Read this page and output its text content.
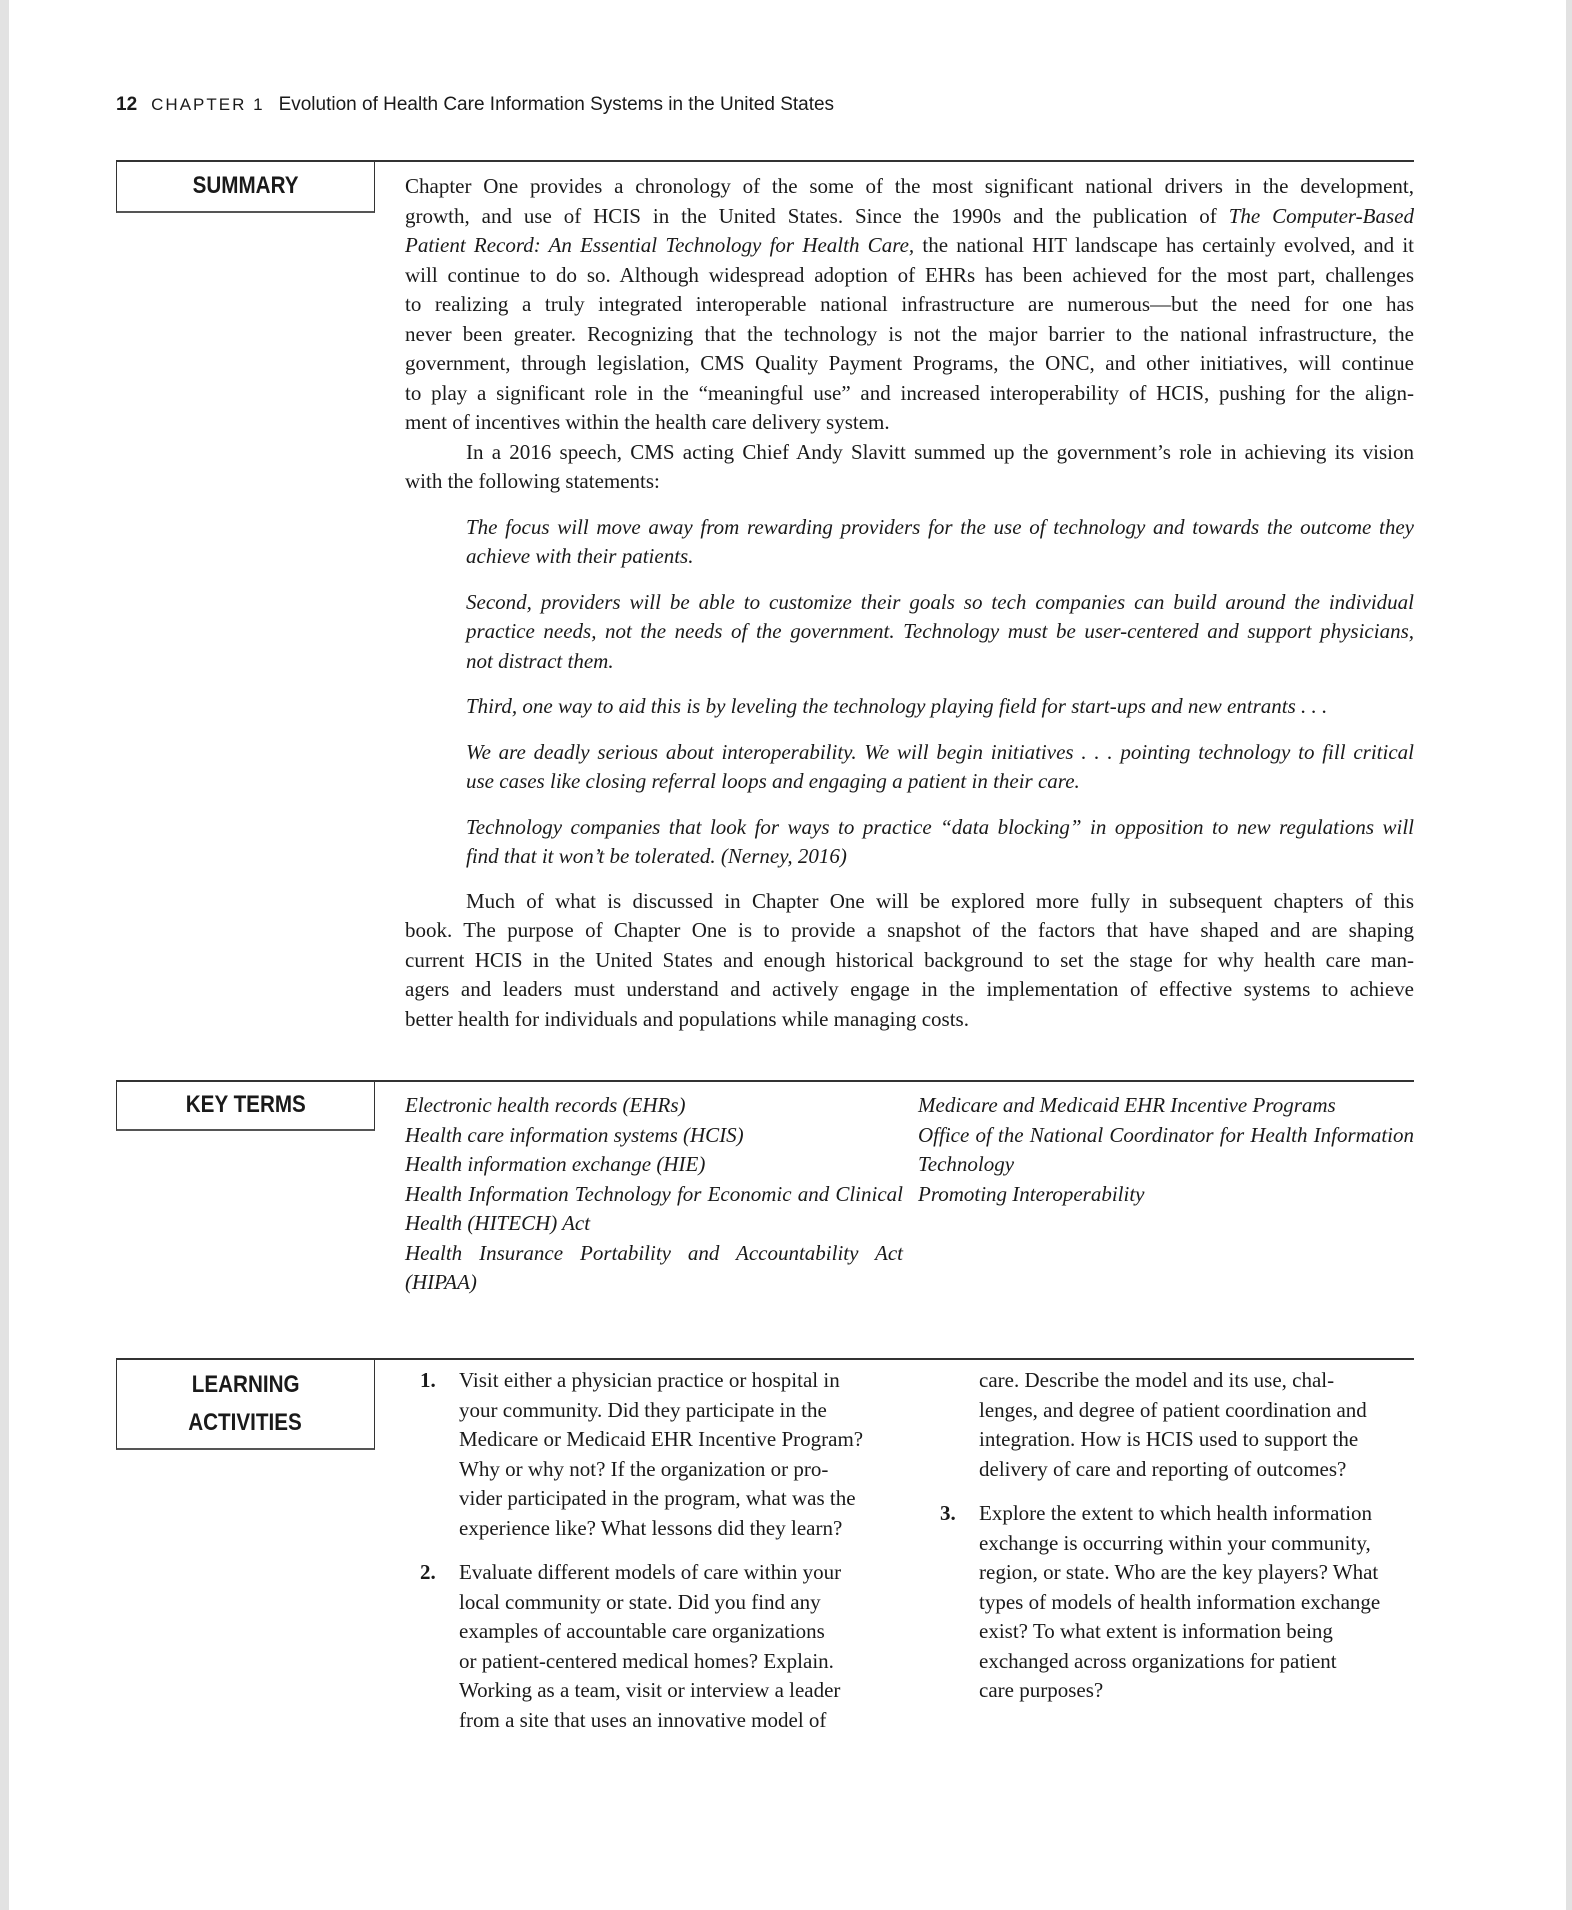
12 CHAPTER 1 Evolution of Health Care Information Systems in the United States
SUMMARY	Chapter One provides a chronology of the some of the most significant national drivers in the development,
growth, and use of HCIS in the United States. Since the 1990s and the publication of The Computer-Based
Patient Record: An Essential Technology for Health Care, the national HIT landscape has certainly evolved, and it
will continue to do so. Although widespread adoption of EHRs has been achieved for the most part, challenges
to realizing a truly integrated interoperable national infrastructure are numerous—but the need for one has
never been greater. Recognizing that the technology is not the major barrier to the national infrastructure, the
government, through legislation, CMS Quality Payment Programs, the ONC, and other initiatives, will continue
to play a significant role in the “meaningful use” and increased interoperability of HCIS, pushing for the align-
ment of incentives within the health care delivery system.
In a 2016 speech, CMS acting Chief Andy Slavitt summed up the government’s role in achieving its vision
with the following statements:
The focus will move away from rewarding providers for the use of technology and towards the outcome they
achieve with their patients.
Second, providers will be able to customize their goals so tech companies can build around the individual
practice needs, not the needs of the government. Technology must be user-centered and support physicians,
not distract them.
Third, one way to aid this is by leveling the technology playing field for start-ups and new entrants . . .
We are deadly serious about interoperability. We will begin initiatives . . . pointing technology to fill critical
use cases like closing referral loops and engaging a patient in their care.
Technology companies that look for ways to practice “data blocking” in opposition to new regulations will
find that it won’t be tolerated. (Nerney, 2016)
Much of what is discussed in Chapter One will be explored more fully in subsequent chapters of this
book. The purpose of Chapter One is to provide a snapshot of the factors that have shaped and are shaping
current HCIS in the United States and enough historical background to set the stage for why health care man-
agers and leaders must understand and actively engage in the implementation of effective systems to achieve
better health for individuals and populations while managing costs.
KEY TERMS	Electronic health records (EHRs)
Health care information systems (HCIS)
Health information exchange (HIE)
Health Information Technology for Economic and Clinical
Health (HITECH) Act
Health Insurance Portability and Accountability Act
(HIPAA)
Medicare and Medicaid EHR Incentive Programs
Office of the National Coordinator for Health Information
Technology
Promoting Interoperability
LEARNING
ACTIVITIES
1. Visit either a physician practice or hospital in
your community. Did they participate in the
Medicare or Medicaid EHR Incentive Program?
Why or why not? If the organization or pro-
vider participated in the program, what was the
experience like? What lessons did they learn?
2. Evaluate different models of care within your
local community or state. Did you find any
examples of accountable care organizations
or patient-centered medical homes? Explain.
Working as a team, visit or interview a leader
from a site that uses an innovative model of
care. Describe the model and its use, chal-
lenges, and degree of patient coordination and
integration. How is HCIS used to support the
delivery of care and reporting of outcomes?
3. Explore the extent to which health information
exchange is occurring within your community,
region, or state. Who are the key players? What
types of models of health information exchange
exist? To what extent is information being
exchanged across organizations for patient
care purposes?
